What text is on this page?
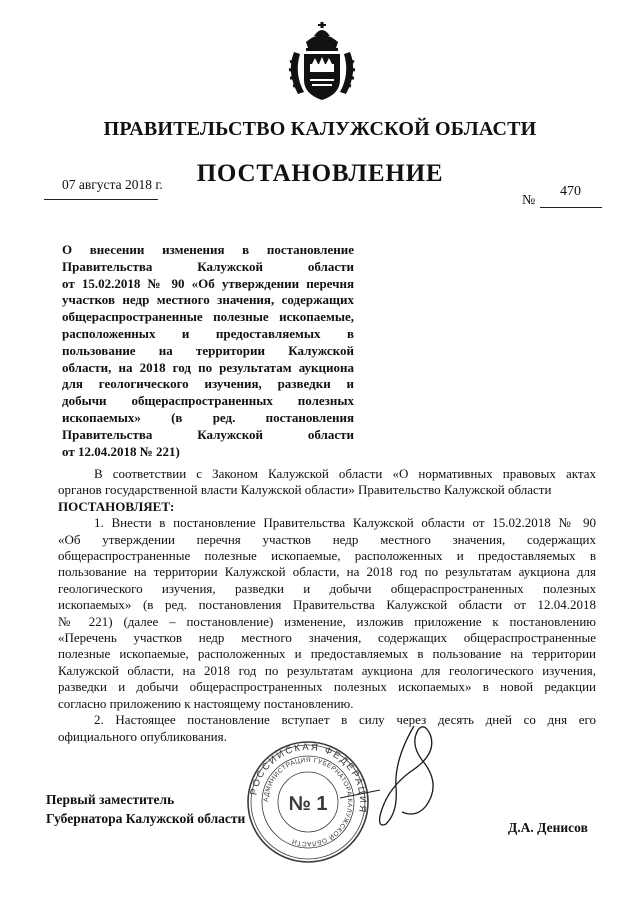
ПРАВИТЕЛЬСТВО КАЛУЖСКОЙ ОБЛАСТИ
ПОСТАНОВЛЕНИЕ
07 августа 2018 г.
№
470
О внесении изменения в постановление
Правительства Калужской области
от 15.02.2018 № 90 «Об утверждении перечня
участков недр местного значения, содержащих
общераспространенные полезные ископаемые,
расположенных и предоставляемых в
пользование на территории Калужской
области, на 2018 год по результатам аукциона
для геологического изучения, разведки и
добычи общераспространенных полезных
ископаемых» (в ред. постановления
Правительства Калужской области
от 12.04.2018 № 221)

В соответствии с Законом Калужской области «О нормативных правовых актах
органов государственной власти Калужской области» Правительство Калужской области

ПОСТАНОВЛЯЕТ:

1. Внести в постановление Правительства Калужской области от 15.02.2018 № 90
«Об утверждении перечня участков недр местного значения, содержащих
общераспространенные полезные ископаемые, расположенных и предоставляемых в
пользование на территории Калужской области, на 2018 год по результатам аукциона для
геологического изучения, разведки и добычи общераспространенных полезных
ископаемых» (в ред. постановления Правительства Калужской области от 12.04.2018
№ 221) (далее – постановление) изменение, изложив приложение к постановлению
«Перечень участков недр местного значения, содержащих общераспространенные
полезные ископаемые, расположенных и предоставляемых в пользование на территории
Калужской области, на 2018 год по результатам аукциона для геологического изучения,
разведки и добычи общераспространенных полезных ископаемых» в новой редакции
согласно приложению к настоящему постановлению.

2. Настоящее постановление вступает в силу через десять дней со дня его
официального опубликования.

РОССИЙСКАЯ ФЕДЕРАЦИЯ
АДМИНИСТРАЦИЯ ГУБЕРНАТОРА КАЛУЖСКОЙ ОБЛАСТИ
№ 1
Первый заместитель
Губернатора Калужской области
Д.А. Денисов
